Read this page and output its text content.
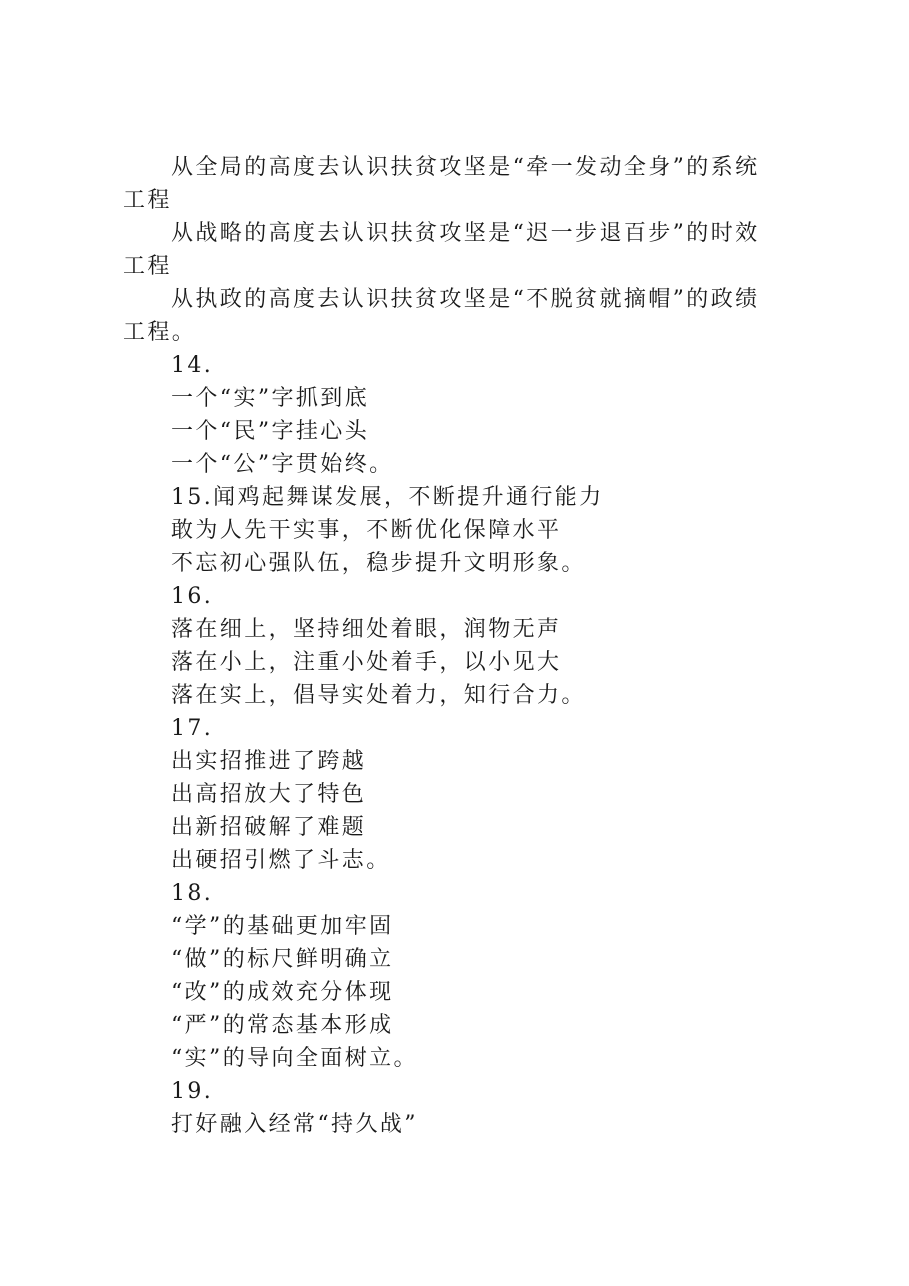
从全局的高度去认识扶贫攻坚是“牵一发动全身”的系统
工程
从战略的高度去认识扶贫攻坚是“迟一步退百步”的时效
工程
从执政的高度去认识扶贫攻坚是“不脱贫就摘帽”的政绩
工程。
14.
一个“实”字抓到底
一个“民”字挂心头
一个“公”字贯始终。
15.闻鸡起舞谋发展，不断提升通行能力
敢为人先干实事，不断优化保障水平
不忘初心强队伍，稳步提升文明形象。
16.
落在细上，坚持细处着眼，润物无声
落在小上，注重小处着手，以小见大
落在实上，倡导实处着力，知行合力。
17.
出实招推进了跨越
出高招放大了特色
出新招破解了难题
出硬招引燃了斗志。
18.
“学”的基础更加牢固
“做”的标尺鲜明确立
“改”的成效充分体现
“严”的常态基本形成
“实”的导向全面树立。
19.
打好融入经常“持久战”
